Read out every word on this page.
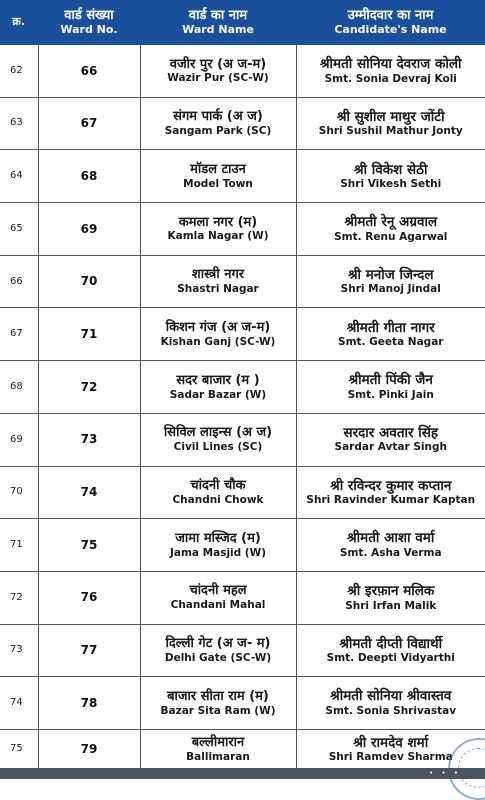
क्र.	वार्ड संख्या
Ward No.	वार्ड का नाम
Ward Name	उम्मीदवार का नाम
Candidate's Name

62	66	वजीर पुर (अ ज-म)
Wazir Pur (SC-W)	श्रीमती सोनिया देवराज कोली
Smt. Sonia Devraj Koli

63	67	संगम पार्क (अ ज)
Sangam Park (SC)	श्री सुशील माथुर जोंटी
Shri Sushil Mathur Jonty

64	68	मॉडल टाउन
Model Town	श्री विकेश सेठी
Shri Vikesh Sethi

65	69	कमला नगर (म)
Kamla Nagar (W)	श्रीमती रेनू अग्रवाल
Smt. Renu Agarwal

66	70	शास्त्री नगर
Shastri Nagar	श्री मनोज जिन्दल
Shri Manoj Jindal

67	71	किशन गंज (अ ज-म)
Kishan Ganj (SC-W)	श्रीमती गीता नागर
Smt. Geeta Nagar

68	72	सदर बाजार (म )
Sadar Bazar (W)	श्रीमती पिंकी जैन
Smt. Pinki Jain

69	73	सिविल लाइन्स (अ ज)
Civil Lines (SC)	सरदार अवतार सिंह
Sardar Avtar Singh

70	74	चांदनी चौक
Chandni Chowk	श्री रविन्दर कुमार कप्तान
Shri Ravinder Kumar Kaptan

71	75	जामा मस्जिद (म)
Jama Masjid (W)	श्रीमती आशा वर्मा
Smt. Asha Verma

72	76	चांदनी महल
Chandani Mahal	श्री इरफ़ान मलिक
Shri Irfan Malik

73	77	दिल्ली गेट (अ ज- म)
Delhi Gate (SC-W)	श्रीमती दीप्ती विद्यार्थी
Smt. Deepti Vidyarthi

74	78	बाजार सीता राम (म)
Bazar Sita Ram (W)	श्रीमती सोनिया श्रीवास्तव
Smt. Sonia Shrivastav

75	79	बल्लीमारान
Ballimaran	श्री रामदेव शर्मा
Shri Ramdev Sharma
• • •
